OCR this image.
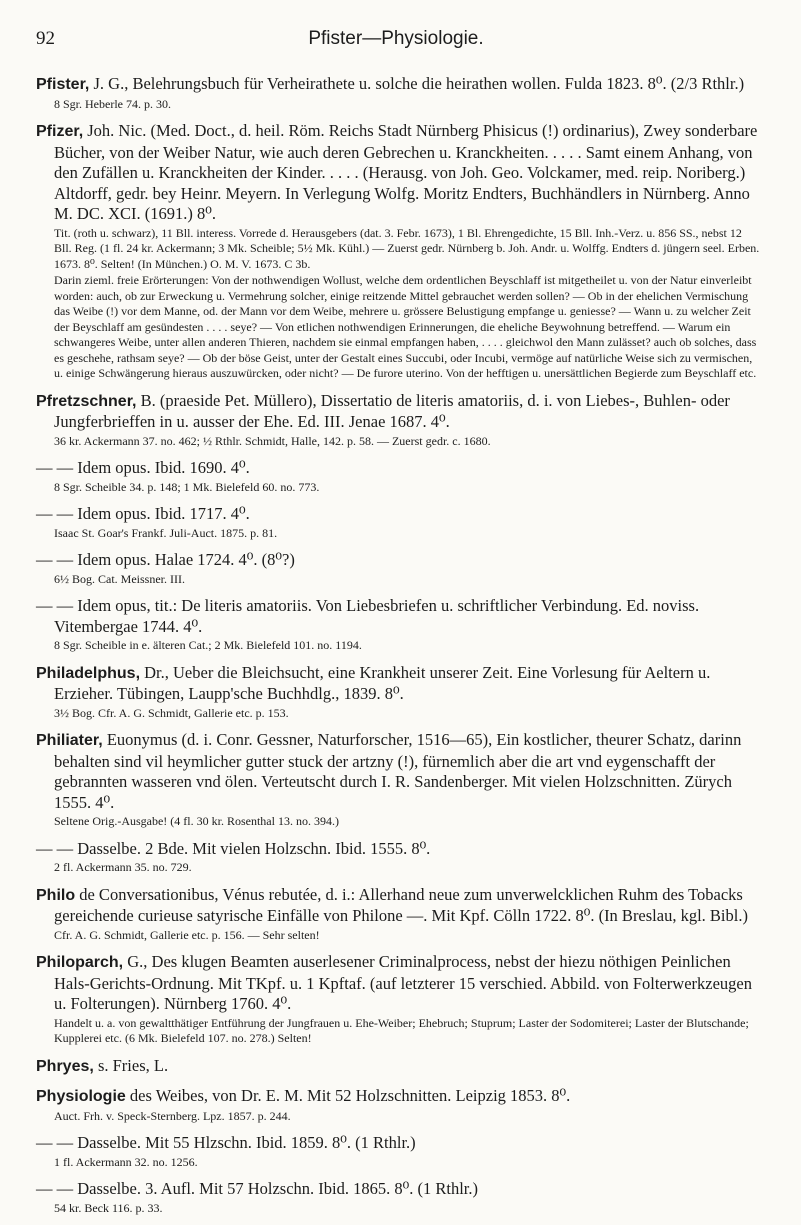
92	Pfister—Physiologie.

Pfister, J. G., Belehrungsbuch für Verheirathete u. solche die heirathen wollen. Fulda 1823. 8⁰. (2/3 Rthlr.)

8 Sgr. Heberle 74. p. 30.

Pfizer, Joh. Nic. (Med. Doct., d. heil. Röm. Reichs Stadt Nürnberg Phisicus (!) ordinarius), Zwey sonderbare Bücher, von der Weiber Natur, wie auch deren Gebrechen u. Kranckheiten. . . . . Samt einem Anhang, von den Zufällen u. Kranckheiten der Kinder. . . . . (Herausg. von Joh. Geo. Volckamer, med. reip. Noriberg.) Altdorff, gedr. bey Heinr. Meyern. In Verlegung Wolfg. Moritz Endters, Buchhändlers in Nürnberg. Anno M. DC. XCI. (1691.) 8⁰.

Tit. (roth u. schwarz), 11 Bll. interess. Vorrede d. Herausgebers (dat. 3. Febr. 1673), 1 Bl. Ehrengedichte, 15 Bll. Inh.-Verz. u. 856 SS., nebst 12 Bll. Reg. (1 fl. 24 kr. Ackermann; 3 Mk. Scheible; 5½ Mk. Kühl.) — Zuerst gedr. Nürnberg b. Joh. Andr. u. Wolffg. Endters d. jüngern seel. Erben. 1673. 8⁰. Selten! (In München.) O. M. V. 1673. C 3b.

Darin zieml. freie Erörterungen: Von der nothwendigen Wollust, welche dem ordentlichen Beyschlaff ist mitgetheilet u. von der Natur einverleibt worden: auch, ob zur Erweckung u. Vermehrung solcher, einige reitzende Mittel gebrauchet werden sollen? — Ob in der ehelichen Vermischung das Weibe (!) vor dem Manne, od. der Mann vor dem Weibe, mehrere u. grössere Belustigung empfange u. geniesse? — Wann u. zu welcher Zeit der Beyschlaff am gesündesten . . . . seye? — Von etlichen nothwendigen Erinnerungen, die eheliche Beywohnung betreffend. — Warum ein schwangeres Weibe, unter allen anderen Thieren, nachdem sie einmal empfangen haben, . . . . gleichwol den Mann zulässet? auch ob solches, dass es geschehe, rathsam seye? — Ob der böse Geist, unter der Gestalt eines Succubi, oder Incubi, vermöge auf natürliche Weise sich zu vermischen, u. einige Schwängerung hieraus auszuwürcken, oder nicht? — De furore uterino. Von der hefftigen u. unersättlichen Begierde zum Beyschlaff etc.

Pfretzschner, B. (praeside Pet. Müllero), Dissertatio de literis amatoriis, d. i. von Liebes-, Buhlen- oder Jungferbrieffen in u. ausser der Ehe. Ed. III. Jenae 1687. 4⁰.

36 kr. Ackermann 37. no. 462; ½ Rthlr. Schmidt, Halle, 142. p. 58. — Zuerst gedr. c. 1680.

— — Idem opus. Ibid. 1690. 4⁰.

8 Sgr. Scheible 34. p. 148; 1 Mk. Bielefeld 60. no. 773.

— — Idem opus. Ibid. 1717. 4⁰.

Isaac St. Goar's Frankf. Juli-Auct. 1875. p. 81.

— — Idem opus. Halae 1724. 4⁰. (8⁰?)

6½ Bog. Cat. Meissner. III.

— — Idem opus, tit.: De literis amatoriis. Von Liebesbriefen u. schriftlicher Verbindung. Ed. noviss. Vitembergae 1744. 4⁰.

8 Sgr. Scheible in e. älteren Cat.; 2 Mk. Bielefeld 101. no. 1194.

Philadelphus, Dr., Ueber die Bleichsucht, eine Krankheit unserer Zeit. Eine Vorlesung für Aeltern u. Erzieher. Tübingen, Laupp'sche Buchhdlg., 1839. 8⁰.

3½ Bog. Cfr. A. G. Schmidt, Gallerie etc. p. 153.

Philiater, Euonymus (d. i. Conr. Gessner, Naturforscher, 1516—65), Ein kostlicher, theurer Schatz, darinn behalten sind vil heymlicher gutter stuck der artzny (!), fürnemlich aber die art vnd eygenschafft der gebrannten wasseren vnd ölen. Verteutscht durch I. R. Sandenberger. Mit vielen Holzschnitten. Zürych 1555. 4⁰.

Seltene Orig.-Ausgabe! (4 fl. 30 kr. Rosenthal 13. no. 394.)

— — Dasselbe. 2 Bde. Mit vielen Holzschn. Ibid. 1555. 8⁰.

2 fl. Ackermann 35. no. 729.

Philo de Conversationibus, Vénus rebutée, d. i.: Allerhand neue zum unverwelcklichen Ruhm des Tobacks gereichende curieuse satyrische Einfälle von Philone —. Mit Kpf. Cölln 1722. 8⁰. (In Breslau, kgl. Bibl.)

Cfr. A. G. Schmidt, Gallerie etc. p. 156. — Sehr selten!

Philoparch, G., Des klugen Beamten auserlesener Criminalprocess, nebst der hiezu nöthigen Peinlichen Hals-Gerichts-Ordnung. Mit TKpf. u. 1 Kpftaf. (auf letzterer 15 verschied. Abbild. von Folterwerkzeugen u. Folterungen). Nürnberg 1760. 4⁰.

Handelt u. a. von gewaltthätiger Entführung der Jungfrauen u. Ehe-Weiber; Ehebruch; Stuprum; Laster der Sodomiterei; Laster der Blutschande; Kupplerei etc. (6 Mk. Bielefeld 107. no. 278.) Selten!

Phryes, s. Fries, L.

Physiologie des Weibes, von Dr. E. M. Mit 52 Holzschnitten. Leipzig 1853. 8⁰.

Auct. Frh. v. Speck-Sternberg. Lpz. 1857. p. 244.

— — Dasselbe. Mit 55 Hlzschn. Ibid. 1859. 8⁰. (1 Rthlr.)

1 fl. Ackermann 32. no. 1256.

— — Dasselbe. 3. Aufl. Mit 57 Holzschn. Ibid. 1865. 8⁰. (1 Rthlr.)

54 kr. Beck 116. p. 33.
